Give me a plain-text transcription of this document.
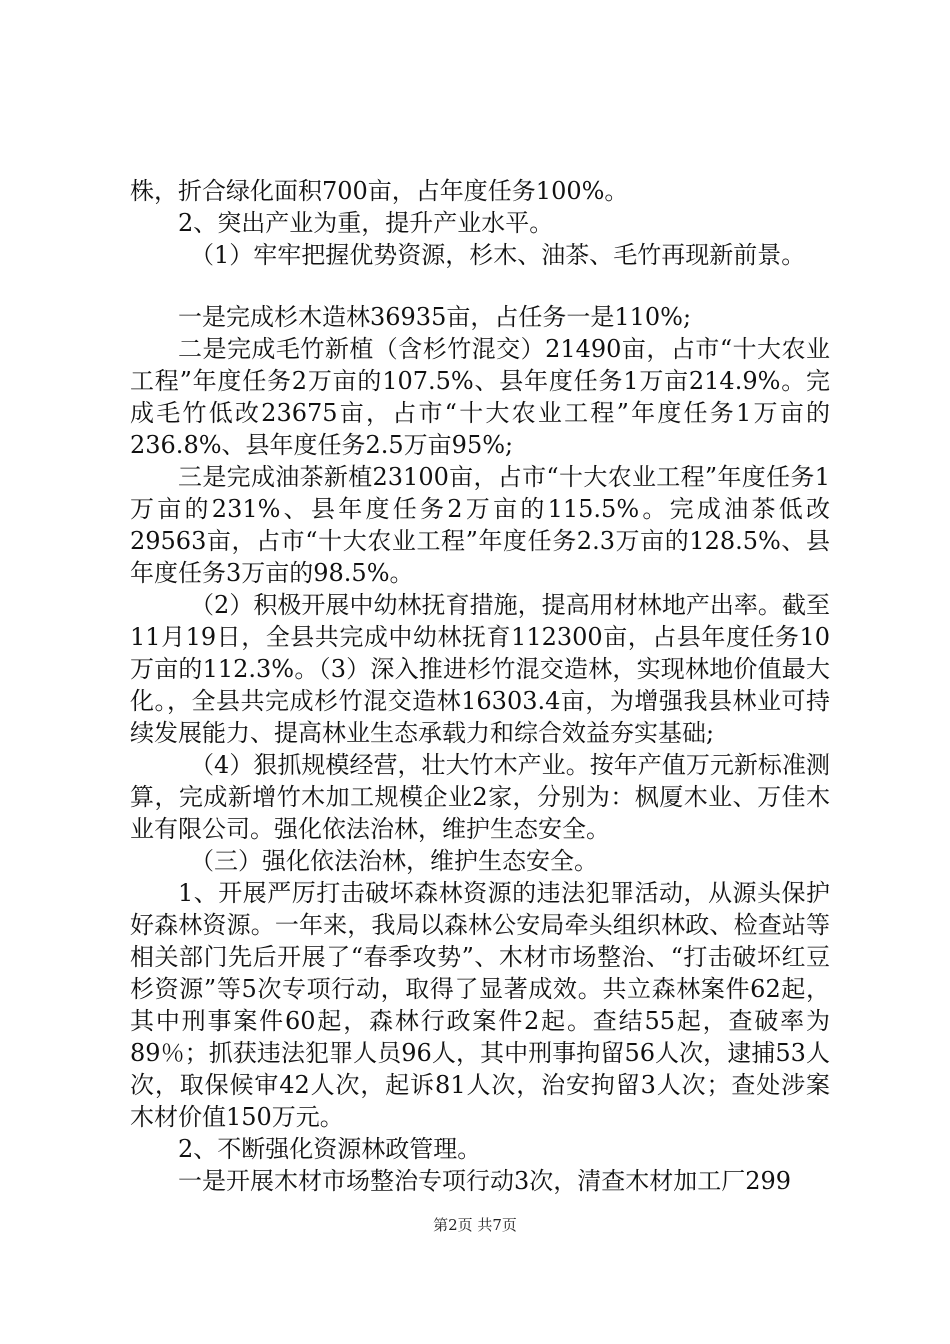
株，折合绿化面积700亩，占年度任务100%。

2、突出产业为重，提升产业水平。

（1）牢牢把握优势资源，杉木、油茶、毛竹再现新前景。

一是完成杉木造林36935亩，占任务一是110%;

二是完成毛竹新植（含杉竹混交）21490亩，占市“十大农业工程”年度任务2万亩的107.5%、县年度任务1万亩214.9%。完成毛竹低改23675亩，占市“十大农业工程”年度任务1万亩的236.8%、县年度任务2.5万亩95%;

三是完成油茶新植23100亩，占市“十大农业工程”年度任务1万亩的231%、县年度任务2万亩的115.5%。完成油茶低改29563亩，占市“十大农业工程”年度任务2.3万亩的128.5%、县年度任务3万亩的98.5%。

（2）积极开展中幼林抚育措施，提高用材林地产出率。截至11月19日，全县共完成中幼林抚育112300亩，占县年度任务10万亩的112.3%。（3）深入推进杉竹混交造林，实现林地价值最大化。，全县共完成杉竹混交造林16303.4亩，为增强我县林业可持续发展能力、提高林业生态承载力和综合效益夯实基础;

（4）狠抓规模经营，壮大竹木产业。按年产值万元新标准测算，完成新增竹木加工规模企业2家，分别为：枫厦木业、万佳木业有限公司。强化依法治林，维护生态安全。

（三）强化依法治林，维护生态安全。

1、开展严厉打击破坏森林资源的违法犯罪活动，从源头保护好森林资源。一年来，我局以森林公安局牵头组织林政、检查站等相关部门先后开展了“春季攻势”、木材市场整治、“打击破坏红豆杉资源”等5次专项行动，取得了显著成效。共立森林案件62起，其中刑事案件60起，森林行政案件2起。查结55起，查破率为89％；抓获违法犯罪人员96人，其中刑事拘留56人次，逮捕53人次，取保候审42人次，起诉81人次，治安拘留3人次；查处涉案木材价值150万元。

2、不断强化资源林政管理。

一是开展木材市场整治专项行动3次，清查木材加工厂299

第2页 共7页
